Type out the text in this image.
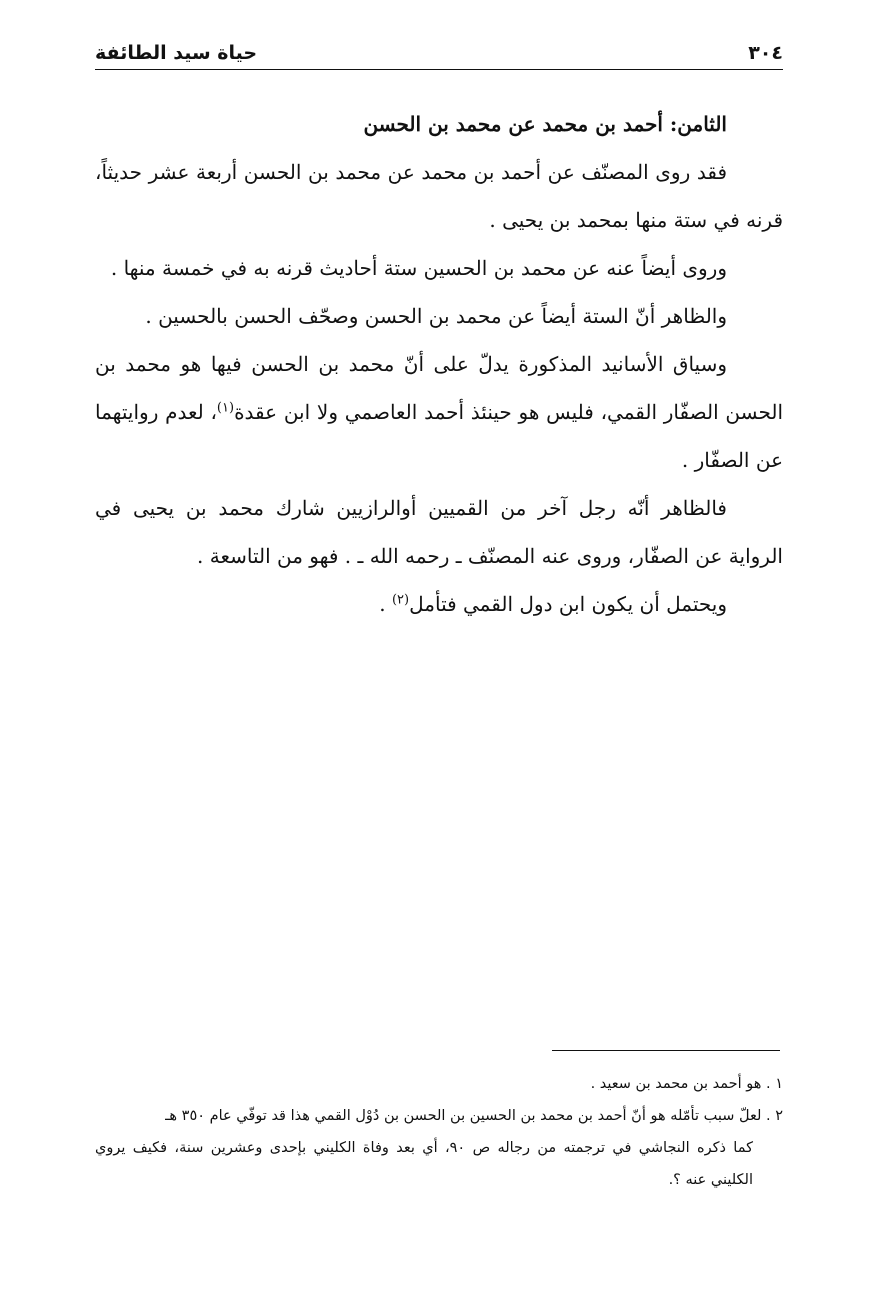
٣٠٤
حياة سيد الطائفة

الثامن: أحمد بن محمد عن محمد بن الحسن

فقد روى المصنّف عن أحمد بن محمد عن محمد بن الحسن أربعة عشر حديثاً، قرنه في ستة منها بمحمد بن يحيى .

وروى أيضاً عنه عن محمد بن الحسين ستة أحاديث قرنه به في خمسة منها .

والظاهر أنّ الستة أيضاً عن محمد بن الحسن وصحّف الحسن بالحسين .

وسياق الأسانيد المذكورة يدلّ على أنّ محمد بن الحسن فيها هو محمد بن الحسن الصفّار القمي، فليس هو حينئذ أحمد العاصمي ولا ابن عقدة$^{(١)}$، لعدم روايتهما عن الصفّار .

فالظاهر أنّه رجل آخر من القميين أوالرازيين شارك محمد بن يحيى في الرواية عن الصفّار، وروى عنه المصنّف ـ رحمه الله ـ . فهو من التاسعة .

ويحتمل أن يكون ابن دول القمي فتأمل$^{(٢)}$ .

١ . هو أحمد بن محمد بن سعيد .

٢ . لعلّ سبب تأمّله هو أنّ أحمد بن محمد بن الحسين بن الحسن بن دُوْل القمي هذا قد توفّي عام ٣٥٠ هـ

كما ذكره النجاشي في ترجمته من رجاله ص ٩٠، أي بعد وفاة الكليني بإحدى وعشرين سنة، فكيف يروي الكليني عنه ؟.
